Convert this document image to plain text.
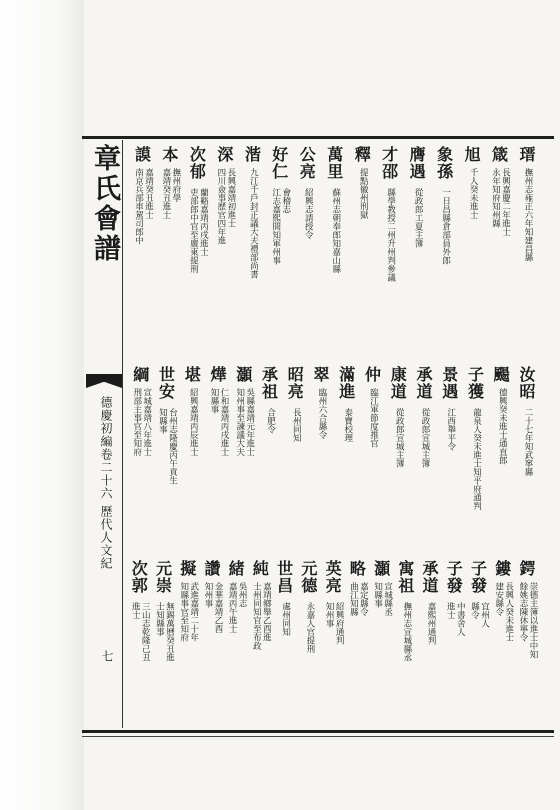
章氏會譜
德慶初編卷二十六 歷代人文紀
七
瑨
撫州志雍正六年知建昌縣
箴
長興嘉慶二年進士
永年知府知州縣
旭
千人癸未進士
象孫
一日昌縣倉部員外郎
膺遇
從政郎工夏主簿
才邵
縣學教授二州升州判參議
釋
提點徽州刑獄
萬里
蘇州志朝奉郎知嘉山縣
公亮
紹興志請授令
好仁
會稽志
江志嘉熙間知軍州事
湝
九江千戶封正議大夫禮部尚書
深
長興嘉靖初進士
四川僉事歷官四年進
次郁
蘭谿嘉靖丙戌進士
吏部郎中官至廣東提刑
本
撫州府學
嘉靖癸丑進士
謨
嘉靖癸丑進士
南京兵部車駕司郎中
汝昭
二十七年知武寧縣
颺
德興癸未進士通直郎
子獲
龍泉人癸未進士知平府通判
景遇
江西舉平令
承道
從政郎宣城主簿
康道
從政郎宣城主簿
仲
臨江軍節度推官
滿進
泰寶校理
翠
臨州六合縣令
昭亮
長州同知
承祖
合肥令
灝
吳縣嘉靖元年進士
知州事至諫議大夫
燁
仁和嘉靖丙戌進士
知縣事
堪
紹興嘉靖丙辰進士
世安
台州志隆慶丙午貢生
知縣事
綱
宣城嘉靖八年進士
刑部主事官至知府
鍔
崇德主簿以進士中知
餘姚志陳休寧令
鏤
長興人癸未進士
建安縣令
子發
宜州人
縣令
子發
中書舍人
進士
承道
嘉熙州通判
寓祖
撫州志宣城縣丞
灝
宣城縣丞
知縣事
略
嘉定縣令
曲江知縣
英亮
紹興府通判
知州事
元德
永嘉人官提刑
世昌
處州同知
純
嘉靖鄉舉乙酉進
士州同知官至布政
緒
吳州志
嘉靖丙午進士
讚
金華嘉靖乙酉
知州事
擬
武進嘉靖二十年
知縣事官至知府
元崇
無錫萬曆癸丑進
士知縣事
次郭
三山志乾隆己丑
進士
